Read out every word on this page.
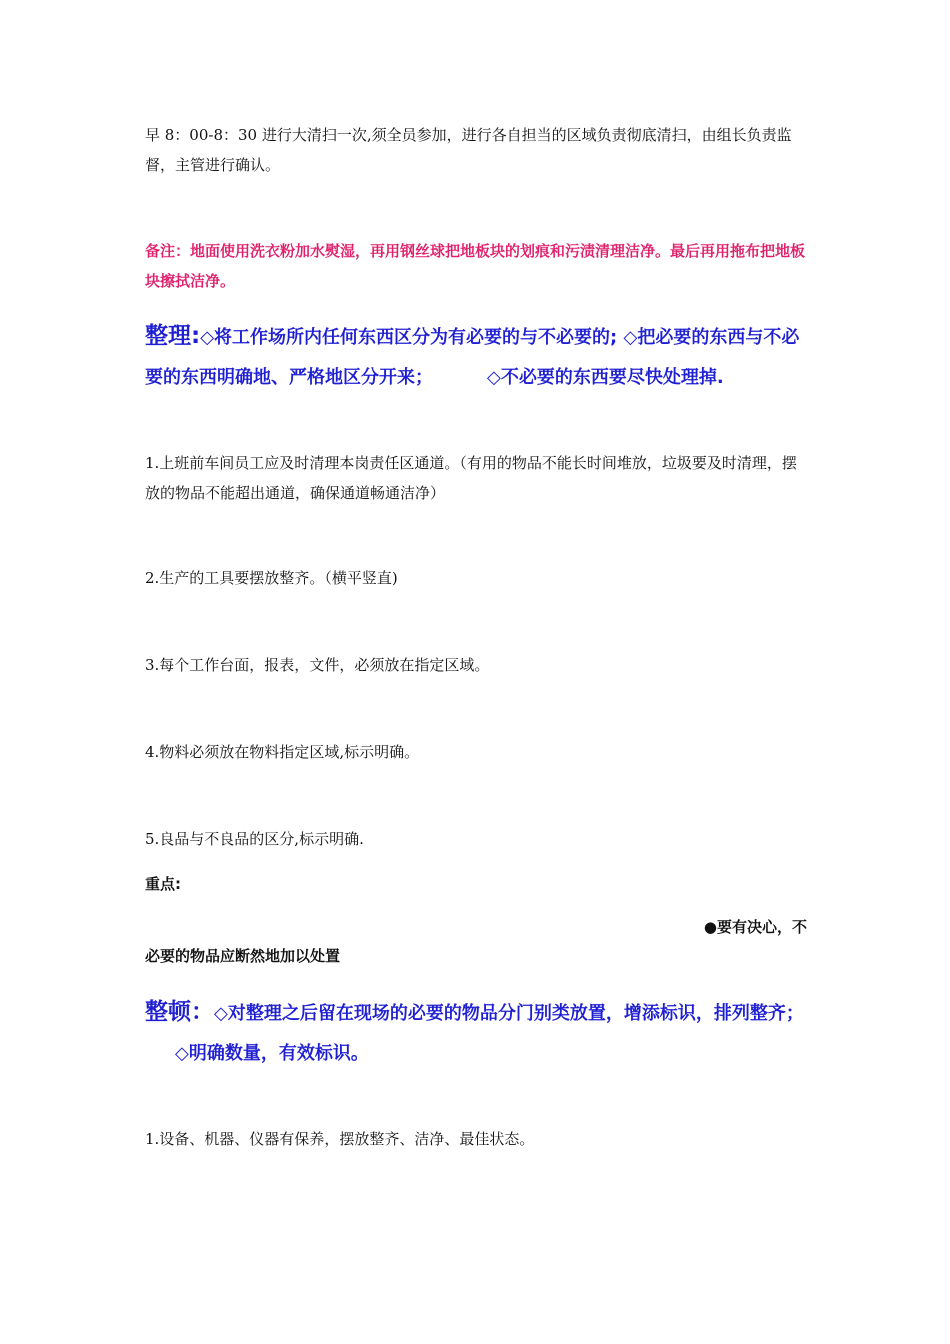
早 8：00-8：30 进行大清扫一次,须全员参加，进行各自担当的区域负责彻底清扫，由组长负责监督，主管进行确认。
备注：地面使用洗衣粉加水熨湿，再用钢丝球把地板块的划痕和污渍清理洁净。最后再用拖布把地板块擦拭洁净。
整理:◇将工作场所内任何东西区分为有必要的与不必要的; ◇把必要的东西与不必要的东西明确地、严格地区分开来；	◇不必要的东西要尽快处理掉.
1.上班前车间员工应及时清理本岗责任区通道。（有用的物品不能长时间堆放，垃圾要及时清理，摆放的物品不能超出通道，确保通道畅通洁净）
2.生产的工具要摆放整齐。（横平竖直)
3.每个工作台面，报表，文件，必须放在指定区域。
4.物料必须放在物料指定区域,标示明确。
5.良品与不良品的区分,标示明确.
重点:
●要有决心，不
必要的物品应断然地加以处置
整顿：◇对整理之后留在现场的必要的物品分门别类放置，增添标识，排列整齐；◇明确数量，有效标识。
1.设备、机器、仪器有保养，摆放整齐、洁净、最佳状态。
